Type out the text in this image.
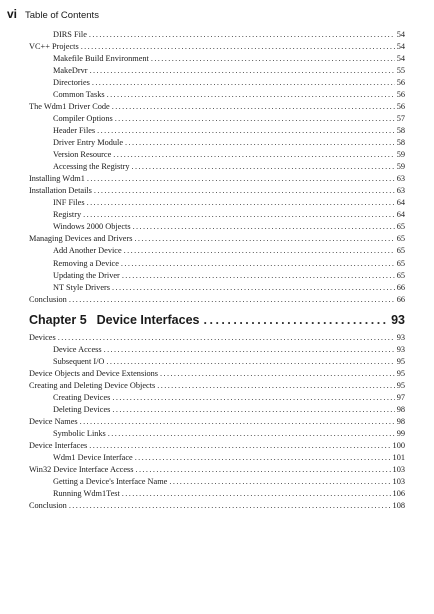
vi Table of Contents
DIRS File .....	54
VC++ Projects .....	54
Makefile Build Environment .....	54
MakeDrvr .....	55
Directories .....	56
Common Tasks .....	56
The Wdm1 Driver Code .....	56
Compiler Options .....	57
Header Files .....	58
Driver Entry Module .....	58
Version Resource .....	59
Accessing the Registry .....	59
Installing Wdm1 .....	63
Installation Details .....	63
INF Files .....	64
Registry .....	64
Windows 2000 Objects .....	65
Managing Devices and Drivers .....	65
Add Another Device .....	65
Removing a Device .....	65
Updating the Driver .....	65
NT Style Drivers .....	66
Conclusion .....	66
Chapter 5 Device Interfaces .....	93
Devices .....	93
Device Access .....	93
Subsequent I/O .....	95
Device Objects and Device Extensions .....	95
Creating and Deleting Device Objects .....	95
Creating Devices .....	97
Deleting Devices .....	98
Device Names .....	98
Symbolic Links .....	99
Device Interfaces .....	100
Wdm1 Device Interface .....	101
Win32 Device Interface Access .....	103
Getting a Device's Interface Name .....	103
Running Wdm1Test .....	106
Conclusion .....	108
